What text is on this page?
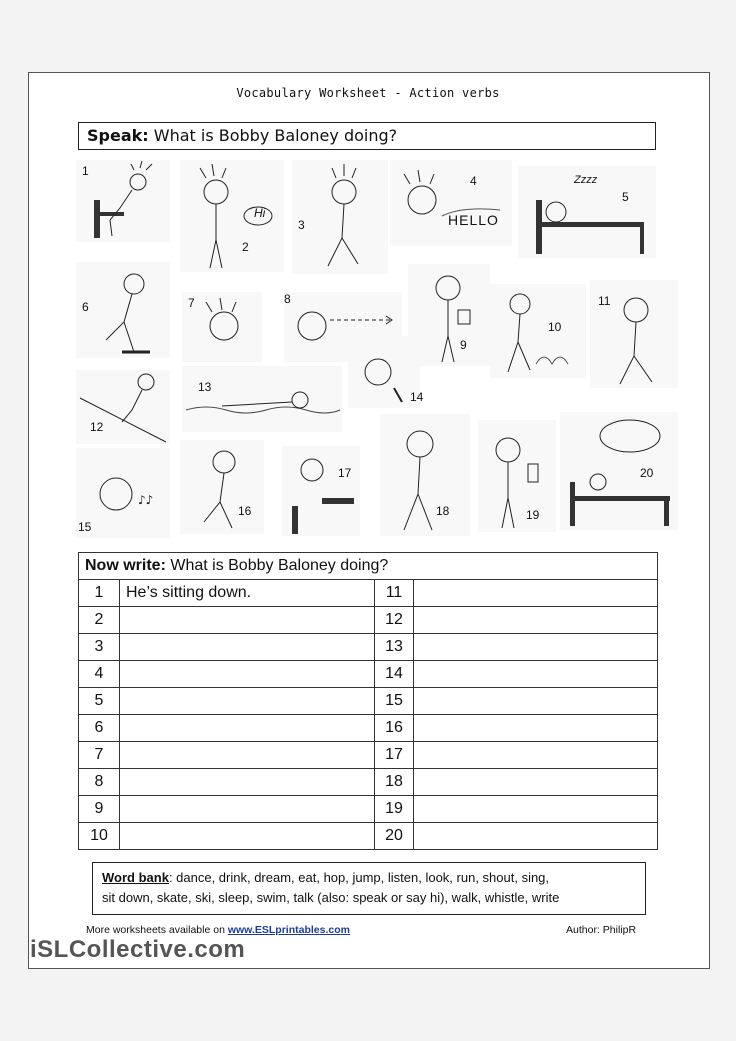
Vocabulary Worksheet - Action verbs
Speak: What is Bobby Baloney doing?
1
Hi
2
3
4
HELLO
Zzzz
5
6	7	8
9
10
11
12
13
14
♪♪
15
16
17
18	19
20
Now write: What is Bobby Baloney doing?			
1	He’s sitting down.	11	
2		12	
3		13	
4		14	
5		15	
6		16	
7		17	
8		18	
9		19	
10		20	
Word bank: dance, drink, dream, eat, hop, jump, listen, look, run, shout, sing,
sit down, skate, ski, sleep, swim, talk (also: speak or say hi), walk, whistle, write
More worksheets available on www.ESLprintables.com	Author: PhilipR
iSLCollective.com
